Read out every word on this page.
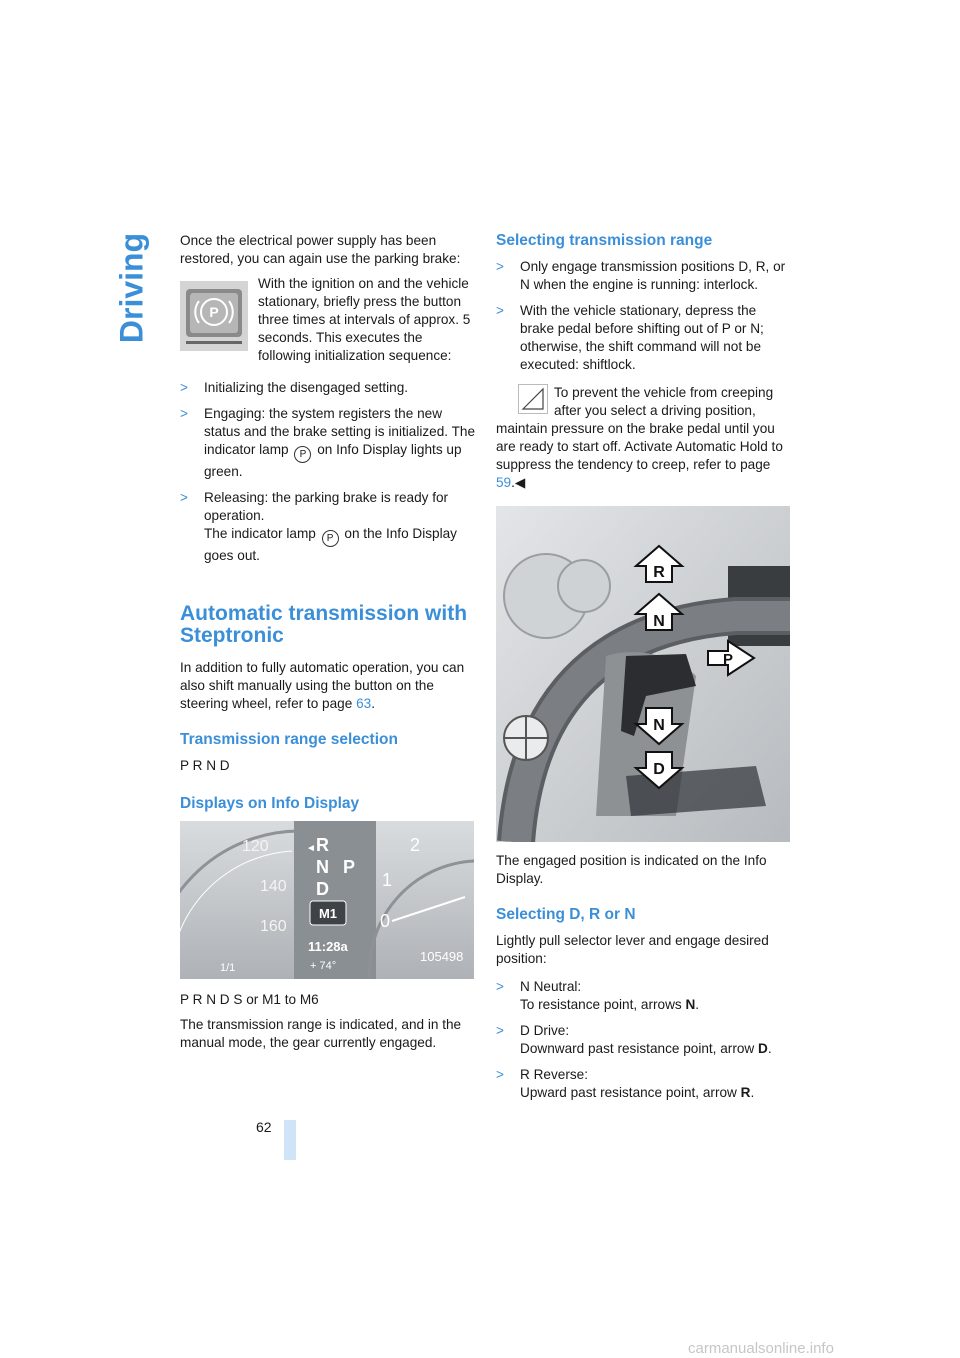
Driving Once the electrical power supply has been restored, you can again use the parking brake:

P
With the ignition on and the vehicle stationary, briefly press the button three times at intervals of approx. 5 seconds. This executes the following initialization sequence:
> Initializing the disengaged setting.
> Engaging: the system registers the new status and the brake setting is initialized. The indicator lamp P on Info Display lights up green.
> Releasing: the parking brake is ready for operation.
The indicator lamp P on the Info Display goes out.
Automatic transmission with Steptronic

In addition to fully automatic operation, you can also shift manually using the button on the steering wheel, refer to page 63.

Transmission range selection

P R N D

Displays on Info Display
120
140
160
R
N
D
P
◄
M1
11:28a
+ 74°
2
1
0
105498
1/1

P R N D S or M1 to M6

The transmission range is indicated, and in the manual mode, the gear currently engaged.

Selecting transmission range
> Only engage transmission positions D, R, or N when the engine is running: interlock.
> With the vehicle stationary, depress the brake pedal before shifting out of P or N; otherwise, the shift command will not be executed: shiftlock.
To prevent the vehicle from creeping after you select a driving position, maintain pressure on the brake pedal until you are ready to start off. Activate Automatic Hold to suppress the tendency to creep, refer to page 59.◀
R
N
P
N
D

The engaged position is indicated on the Info Display.

Selecting D, R or N

Lightly pull selector lever and engage desired position:

> N Neutral:
To resistance point, arrows N.
> D Drive:
Downward past resistance point, arrow D.
> R Reverse:
Upward past resistance point, arrow R.
62
carmanualsonline.info
